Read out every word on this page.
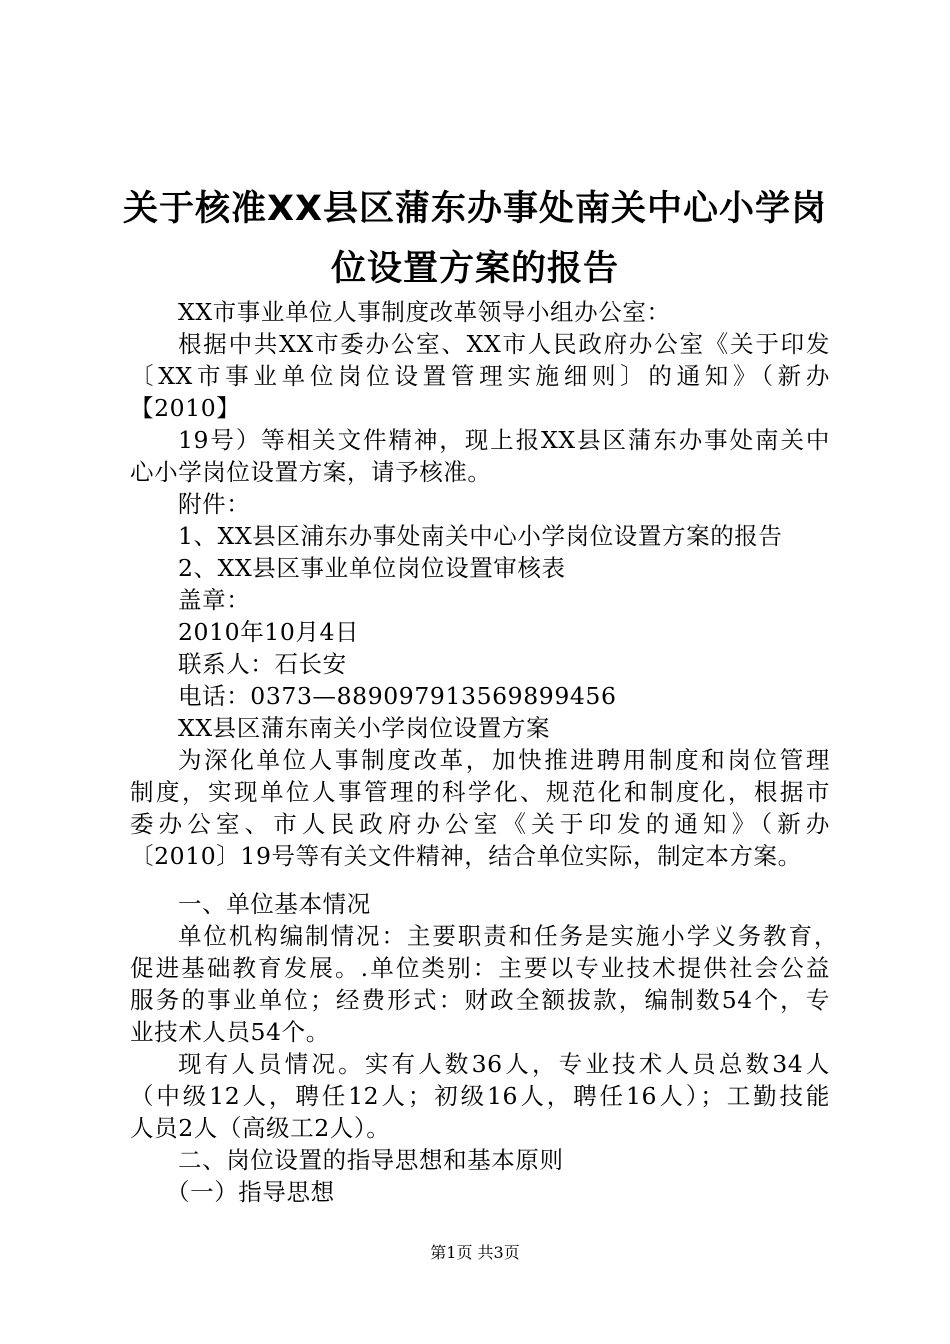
关于核准XX县区蒲东办事处南关中心小学岗
位设置方案的报告
XX市事业单位人事制度改革领导小组办公室：
根据中共XX市委办公室、XX市人民政府办公室《关于印发
〔XX市事业单位岗位设置管理实施细则〕的通知》（新办
【2010】
19号）等相关文件精神，现上报XX县区蒲东办事处南关中
心小学岗位设置方案，请予核准。
附件：
1、XX县区浦东办事处南关中心小学岗位设置方案的报告
2、XX县区事业单位岗位设置审核表
盖章：
2010年10月4日
联系人：石长安
电话：0373—889097913569899456
XX县区蒲东南关小学岗位设置方案
为深化单位人事制度改革，加快推进聘用制度和岗位管理
制度，实现单位人事管理的科学化、规范化和制度化，根据市
委办公室、市人民政府办公室《关于印发的通知》（新办
〔2010〕19号等有关文件精神，结合单位实际，制定本方案。
一、单位基本情况
单位机构编制情况：主要职责和任务是实施小学义务教育，
促进基础教育发展。.单位类别：主要以专业技术提供社会公益
服务的事业单位；经费形式：财政全额拔款，编制数54个，专
业技术人员54个。
现有人员情况。实有人数36人，专业技术人员总数34人
（中级12人，聘任12人；初级16人，聘任16人）；工勤技能
人员2人（高级工2人）。
二、岗位设置的指导思想和基本原则
（一）指导思想
第1页 共3页
